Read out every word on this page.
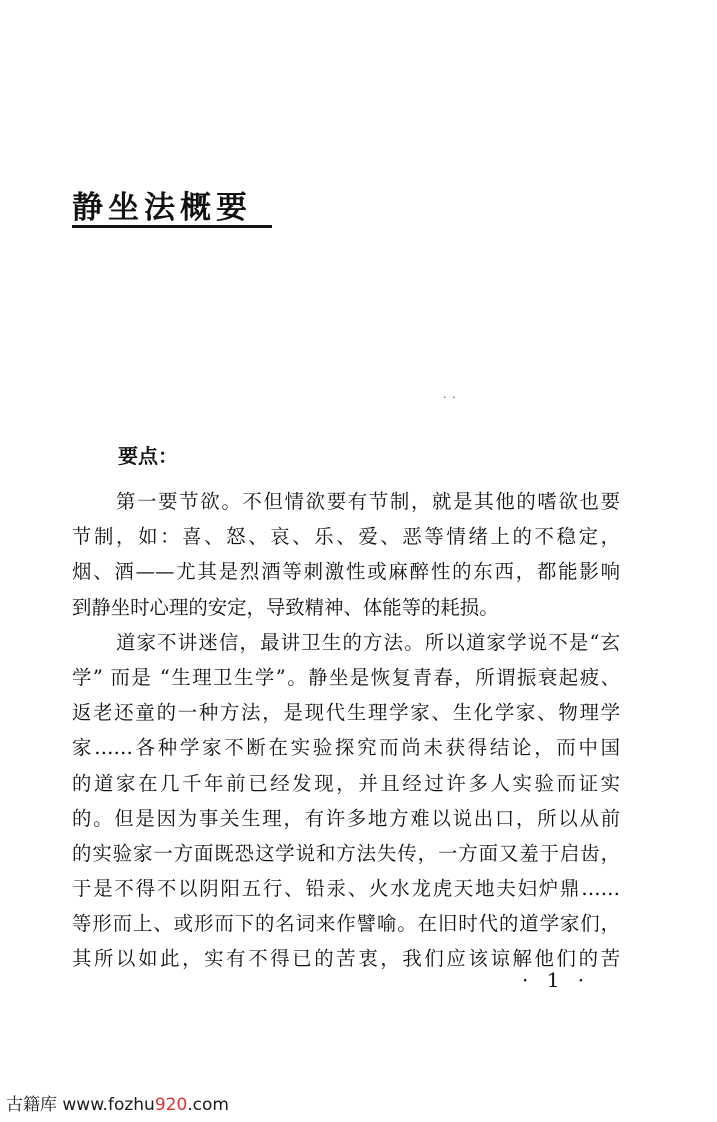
静坐法概要
. .
要点：
第一要节欲。不但情欲要有节制，就是其他的嗜欲也要
节制，如：喜、怒、哀、乐、爱、恶等情绪上的不稳定，
烟、酒——尤其是烈酒等刺激性或麻醉性的东西，都能影响
到静坐时心理的安定，导致精神、体能等的耗损。
道家不讲迷信，最讲卫生的方法。所以道家学说不是“玄
学” 而是 “生理卫生学”。静坐是恢复青春，所谓振衰起疲、
返老还童的一种方法，是现代生理学家、生化学家、物理学
家……各种学家不断在实验探究而尚未获得结论，而中国
的道家在几千年前已经发现，并且经过许多人实验而证实
的。但是因为事关生理，有许多地方难以说出口，所以从前
的实验家一方面既恐这学说和方法失传，一方面又羞于启齿，
于是不得不以阴阳五行、铅汞、火水龙虎天地夫妇炉鼎……
等形而上、或形而下的名词来作譬喻。在旧时代的道学家们，
其所以如此，实有不得已的苦衷，我们应该谅解他们的苦
· 1 ·
古籍库 www.fozhu920.com
